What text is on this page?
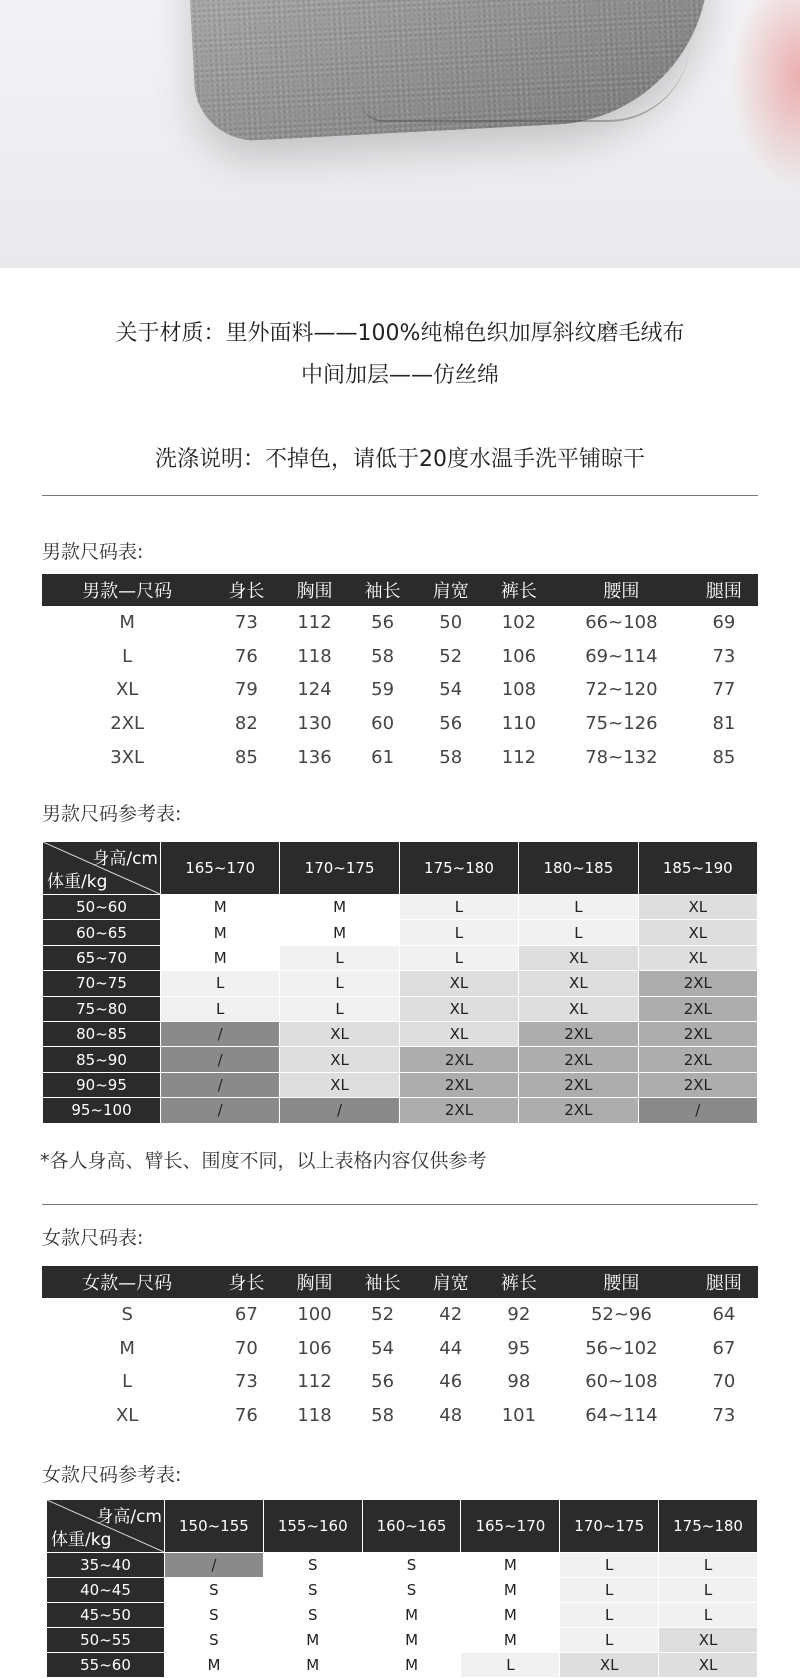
关于材质：里外面料——100%纯棉色织加厚斜纹磨毛绒布
中间加层——仿丝绵
洗涤说明：不掉色，请低于20度水温手洗平铺晾干
男款尺码表:
男款—尺码	身长	胸围	袖长	肩宽	裤长	腰围	腿围
M	73	112	56	50	102	66~108	69
L	76	118	58	52	106	69~114	73
XL	79	124	59	54	108	72~120	77
2XL	82	130	60	56	110	75~126	81
3XL	85	136	61	58	112	78~132	85
男款尺码参考表:
身高/cm
体重/kg	165~170	170~175	175~180	180~185	185~190
50~60	M	M	L	L	XL
60~65	M	M	L	L	XL
65~70	M	L	L	XL	XL
70~75	L	L	XL	XL	2XL
75~80	L	L	XL	XL	2XL
80~85	/	XL	XL	2XL	2XL
85~90	/	XL	2XL	2XL	2XL
90~95	/	XL	2XL	2XL	2XL
95~100	/	/	2XL	2XL	/
*各人身高、臂长、围度不同，以上表格内容仅供参考
女款尺码表:
女款—尺码	身长	胸围	袖长	肩宽	裤长	腰围	腿围
S	67	100	52	42	92	52~96	64
M	70	106	54	44	95	56~102	67
L	73	112	56	46	98	60~108	70
XL	76	118	58	48	101	64~114	73
女款尺码参考表:
身高/cm
体重/kg	150~155	155~160	160~165	165~170	170~175	175~180
35~40	/	S	S	M	L	L
40~45	S	S	S	M	L	L
45~50	S	S	M	M	L	L
50~55	S	M	M	M	L	XL
55~60	M	M	M	L	XL	XL
